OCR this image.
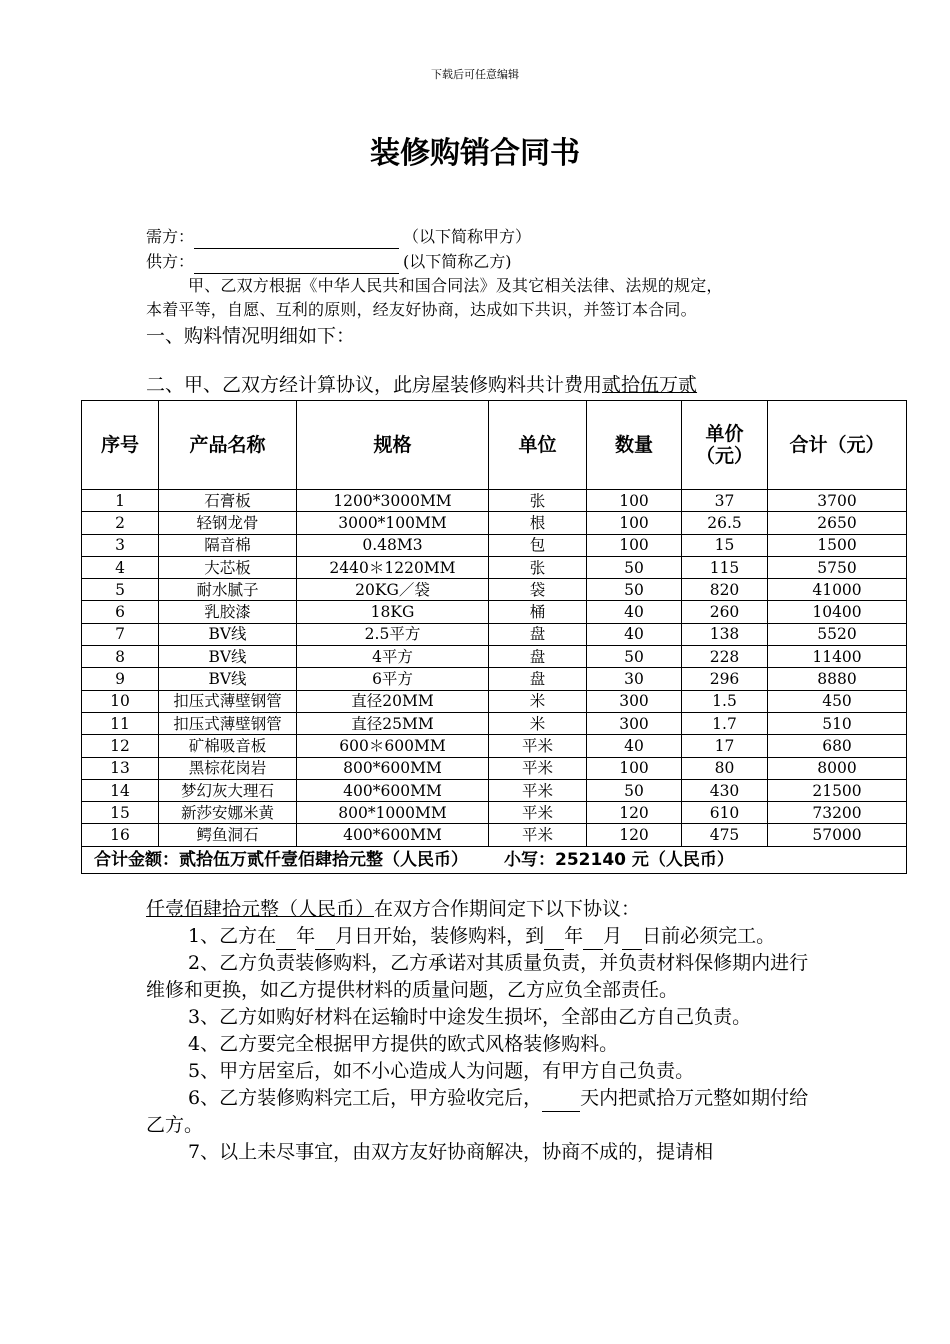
下载后可任意编辑
装修购销合同书
需方：	（以下简称甲方）
供方：	(以下简称乙方)
甲、乙双方根据《中华人民共和国合同法》及其它相关法律、法规的规定，
本着平等，自愿、互利的原则，经友好协商，达成如下共识，并签订本合同。
一、购料情况明细如下：
二、甲、乙双方经计算协议，此房屋装修购料共计费用贰拾伍万贰
序号	产品名称	规格	单位	数量	单价（元）	合计（元）
1	石膏板	1200*3000MM	张	100	37	3700
2	轻钢龙骨	3000*100MM	根	100	26.5	2650
3	隔音棉	0.48M3	包	100	15	1500
4	大芯板	2440＊1220MM	张	50	115	5750
5	耐水腻子	20KG／袋	袋	50	820	41000
6	乳胶漆	18KG	桶	40	260	10400
7	BV线	2.5平方	盘	40	138	5520
8	BV线	4平方	盘	50	228	11400
9	BV线	6平方	盘	30	296	8880
10	扣压式薄壁钢管	直径20MM	米	300	1.5	450
11	扣压式薄壁钢管	直径25MM	米	300	1.7	510
12	矿棉吸音板	600＊600MM	平米	40	17	680
13	黑棕花岗岩	800*600MM	平米	100	80	8000
14	梦幻灰大理石	400*600MM	平米	50	430	21500
15	新莎安娜米黄	800*1000MM	平米	120	610	73200
16	鳄鱼洞石	400*600MM	平米	120	475	57000
合计金额：贰拾伍万贰仟壹佰肆拾元整（人民币） 小写：252140 元（人民币）						

仟壹佰肆拾元整（人民币）在双方合作期间定下以下协议：

1、乙方在 年 月日开始，装修购料，到 年 月 日前必须完工。

2、乙方负责装修购料，乙方承诺对其质量负责，并负责材料保修期内进行维修和更换，如乙方提供材料的质量问题，乙方应负全部责任。

3、乙方如购好材料在运输时中途发生损坏，全部由乙方自己负责。

4、乙方要完全根据甲方提供的欧式风格装修购料。

5、甲方居室后，如不小心造成人为问题，有甲方自己负责。

6、乙方装修购料完工后，甲方验收完后， 天内把贰拾万元整如期付给乙方。

7、以上未尽事宜，由双方友好协商解决，协商不成的，提请相
